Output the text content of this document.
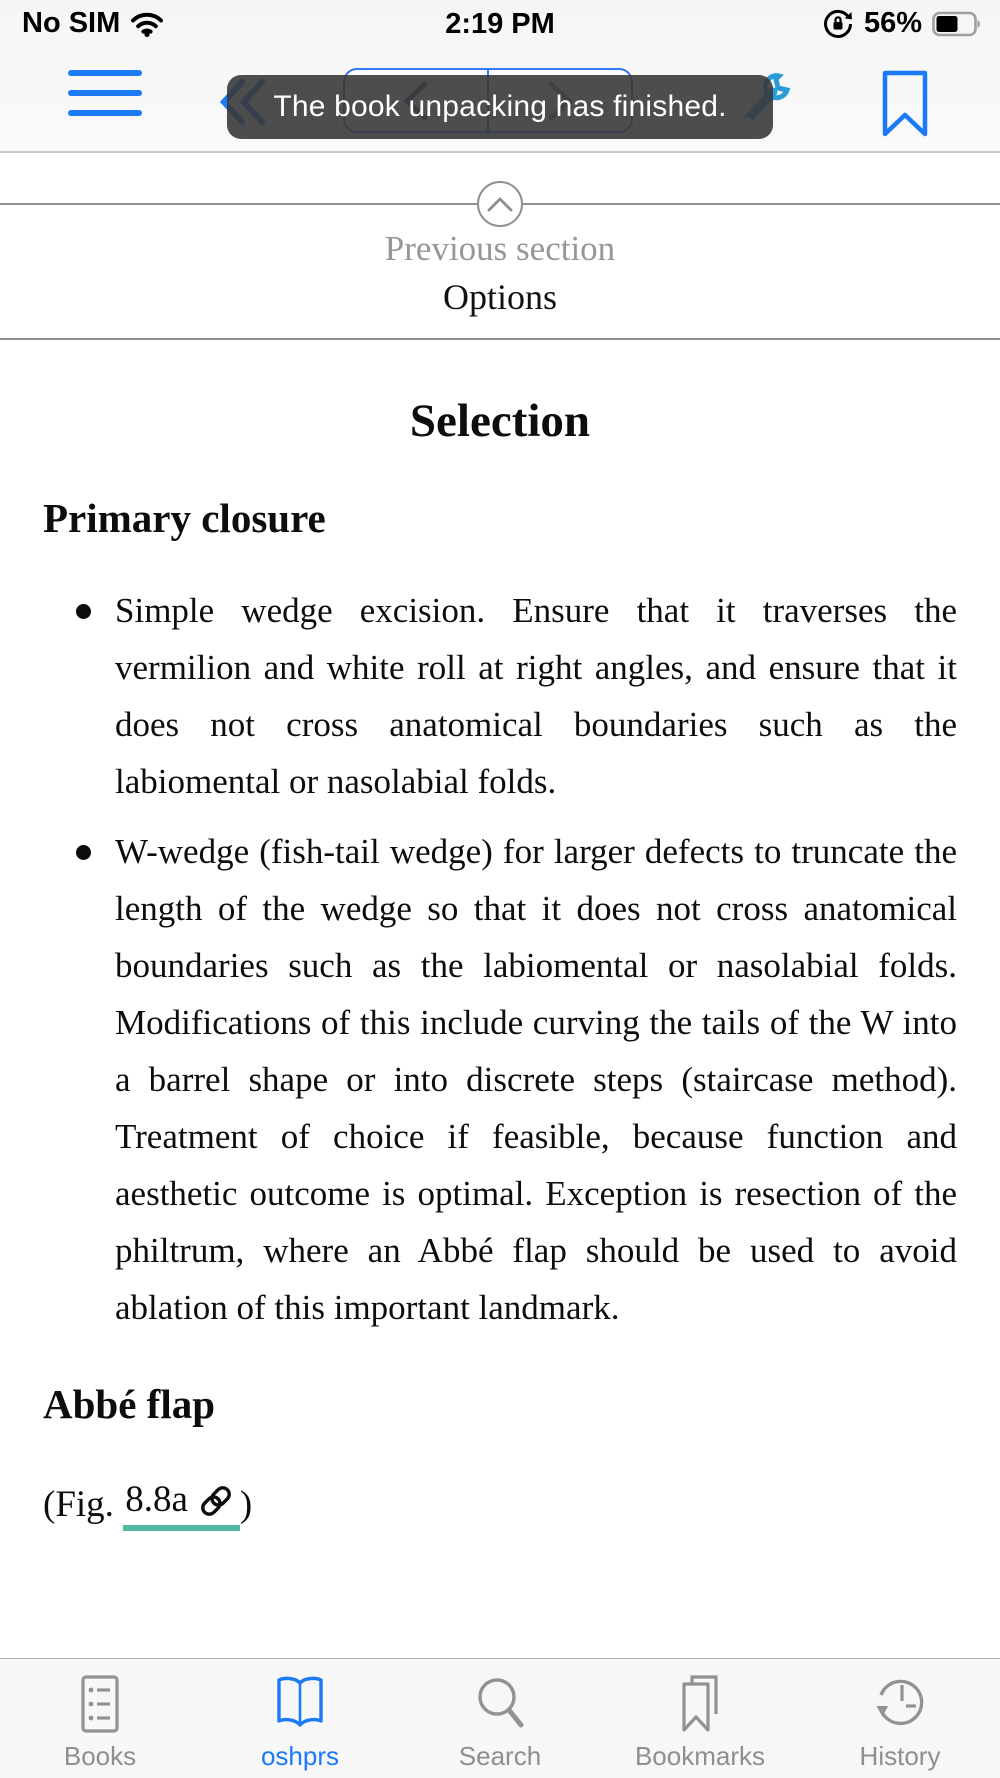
No SIM	2:19 PM	56%
The book unpacking has finished.
Previous section
Options
Selection
Primary closure
Simple wedge excision. Ensure that it traverses the vermilion and white roll at right angles, and ensure that it does not cross anatomical boundaries such as the labiomental or nasolabial folds.
W-wedge (fish-tail wedge) for larger defects to truncate the length of the wedge so that it does not cross anatomical boundaries such as the labiomental or nasolabial folds. Modifications of this include curving the tails of the W into a barrel shape or into discrete steps (staircase method). Treatment of choice if feasible, because function and aesthetic outcome is optimal. Exception is resection of the philtrum, where an Abbé flap should be used to avoid ablation of this important landmark.
Abbé flap
(Fig. 8.8a )
Books	oshprs	Search	Bookmarks	History
